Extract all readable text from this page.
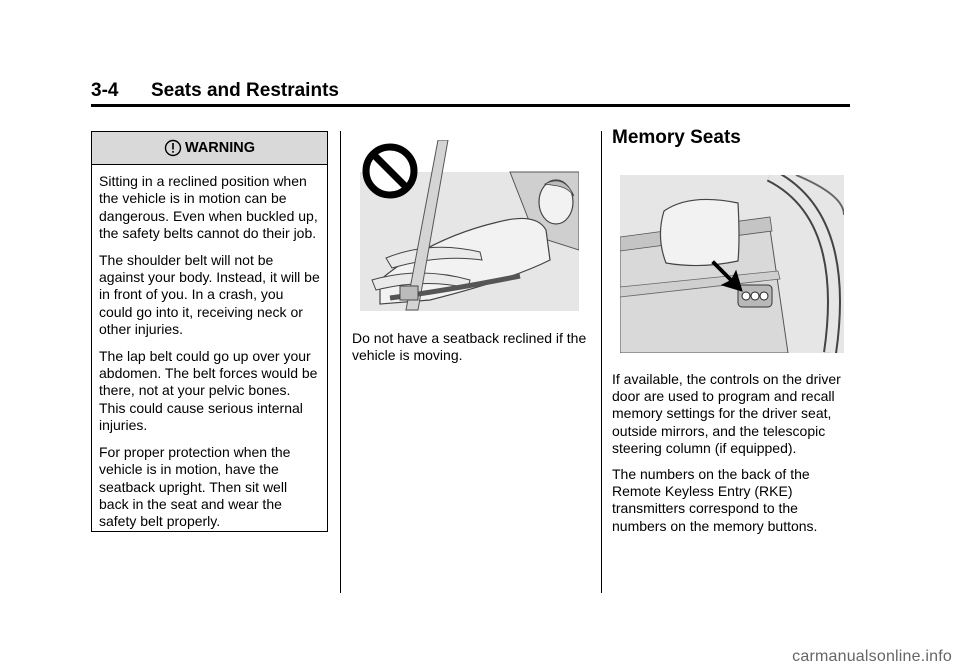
3-4 Seats and Restraints
WARNING

Sitting in a reclined position when the vehicle is in motion can be dangerous. Even when buckled up, the safety belts cannot do their job.

The shoulder belt will not be against your body. Instead, it will be in front of you. In a crash, you could go into it, receiving neck or other injuries.

The lap belt could go up over your abdomen. The belt forces would be there, not at your pelvic bones. This could cause serious internal injuries.

For proper protection when the vehicle is in motion, have the seatback upright. Then sit well back in the seat and wear the safety belt properly.

Do not have a seatback reclined if the vehicle is moving.
Memory Seats

If available, the controls on the driver door are used to program and recall memory settings for the driver seat, outside mirrors, and the telescopic steering column (if equipped).

The numbers on the back of the Remote Keyless Entry (RKE) transmitters correspond to the numbers on the memory buttons.

carmanualsonline.info
